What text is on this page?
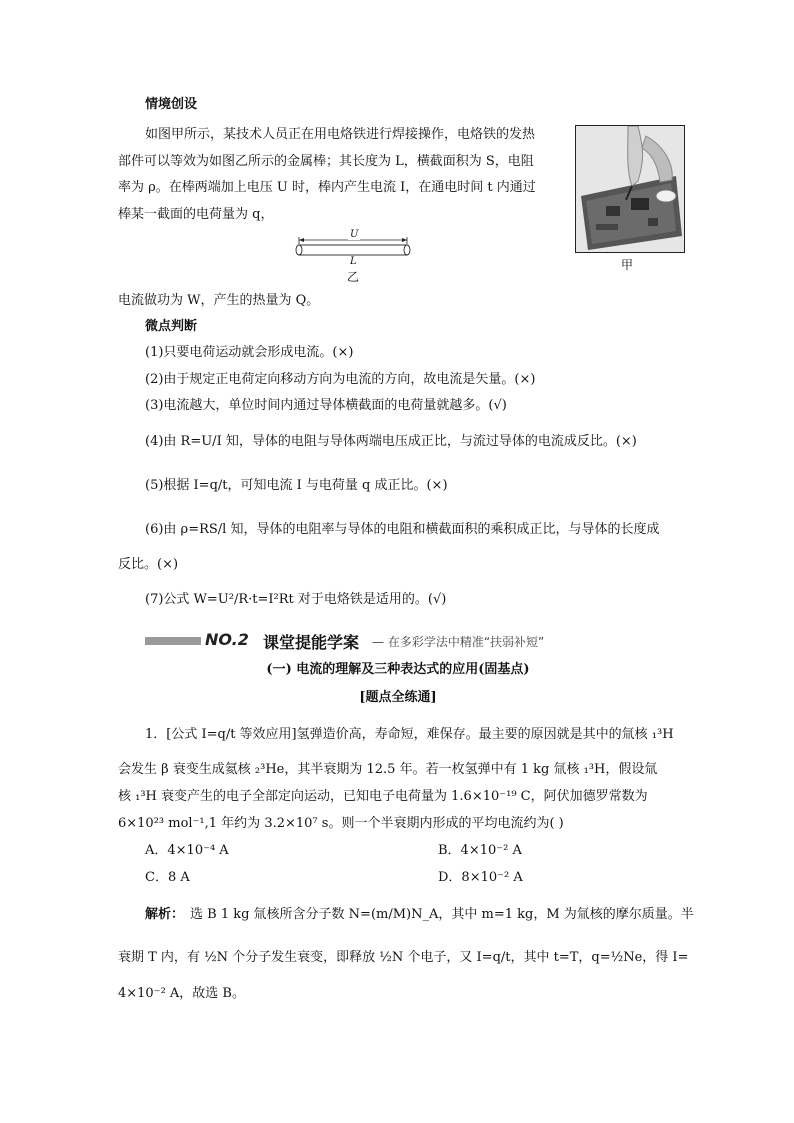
情境创设
如图甲所示，某技术人员正在用电烙铁进行焊接操作，电烙铁的发热
部件可以等效为如图乙所示的金属棒；其长度为 L，横截面积为 S，电阻
率为 ρ。在棒两端加上电压 U 时，棒内产生电流 I，在通电时间 t 内通过
棒某一截面的电荷量为 q，
甲
U
L
乙
电流做功为 W，产生的热量为 Q。
微点判断
(1)只要电荷运动就会形成电流。(×)
(2)由于规定正电荷定向移动方向为电流的方向，故电流是矢量。(×)
(3)电流越大，单位时间内通过导体横截面的电荷量就越多。(√)
(4)由 R=U/I 知，导体的电阻与导体两端电压成正比，与流过导体的电流成反比。(×)
(5)根据 I=q/t，可知电流 I 与电荷量 q 成正比。(×)
(6)由 ρ=RS/l 知，导体的电阻率与导体的电阻和横截面积的乘积成正比，与导体的长度成
反比。(×)
(7)公式 W=U²/R·t=I²Rt 对于电烙铁是适用的。(√)
NO.2 课堂提能学案 — 在多彩学法中精准“扶弱补短”
(一) 电流的理解及三种表达式的应用(固基点)
[题点全练通]
1．[公式 I=q/t 等效应用]氢弹造价高，寿命短，难保存。最主要的原因就是其中的氚核 ₁³H
会发生 β 衰变生成氦核 ₂³He，其半衰期为 12.5 年。若一枚氢弹中有 1 kg 氚核 ₁³H，假设氚
核 ₁³H 衰变产生的电子全部定向运动，已知电子电荷量为 1.6×10⁻¹⁹ C，阿伏加德罗常数为
6×10²³ mol⁻¹,1 年约为 3.2×10⁷ s。则一个半衰期内形成的平均电流约为( )
A．4×10⁻⁴ A	B．4×10⁻² A
C．8 A	D．8×10⁻² A
解析： 选 B 1 kg 氚核所含分子数 N=(m/M)N_A，其中 m=1 kg，M 为氚核的摩尔质量。半
衰期 T 内，有 ½N 个分子发生衰变，即释放 ½N 个电子，又 I=q/t，其中 t=T，q=½Ne，得 I=
4×10⁻² A，故选 B。
